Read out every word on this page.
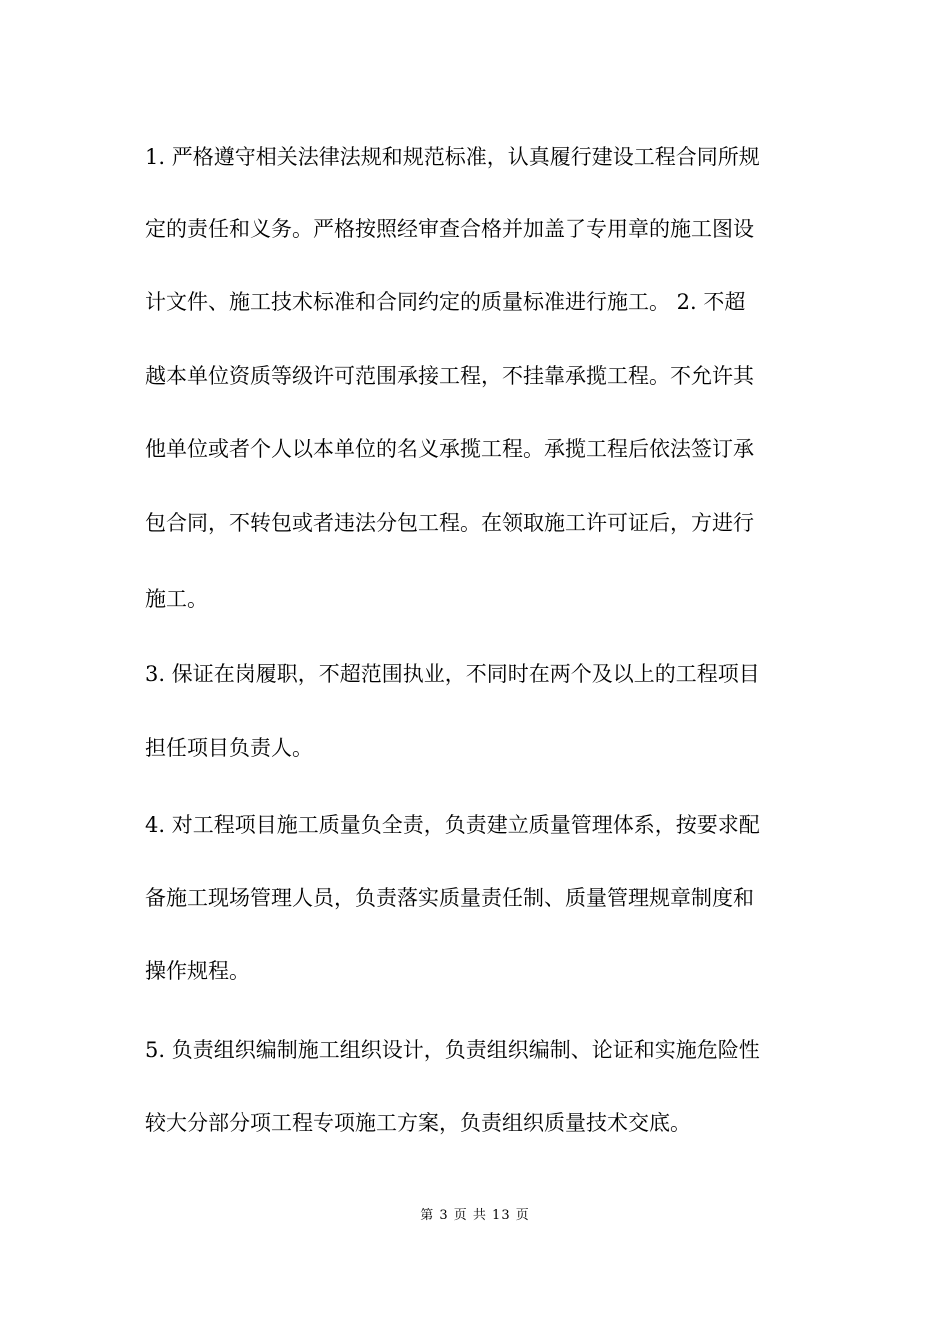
1. 严格遵守相关法律法规和规范标准，认真履行建设工程合同所规
定的责任和义务。严格按照经审查合格并加盖了专用章的施工图设
计文件、施工技术标准和合同约定的质量标准进行施工。 2. 不超
越本单位资质等级许可范围承接工程，不挂靠承揽工程。不允许其
他单位或者个人以本单位的名义承揽工程。承揽工程后依法签订承
包合同，不转包或者违法分包工程。在领取施工许可证后，方进行
施工。
3. 保证在岗履职，不超范围执业，不同时在两个及以上的工程项目
担任项目负责人。
4. 对工程项目施工质量负全责，负责建立质量管理体系，按要求配
备施工现场管理人员，负责落实质量责任制、质量管理规章制度和
操作规程。
5. 负责组织编制施工组织设计，负责组织编制、论证和实施危险性
较大分部分项工程专项施工方案，负责组织质量技术交底。
第 3 页 共 13 页
